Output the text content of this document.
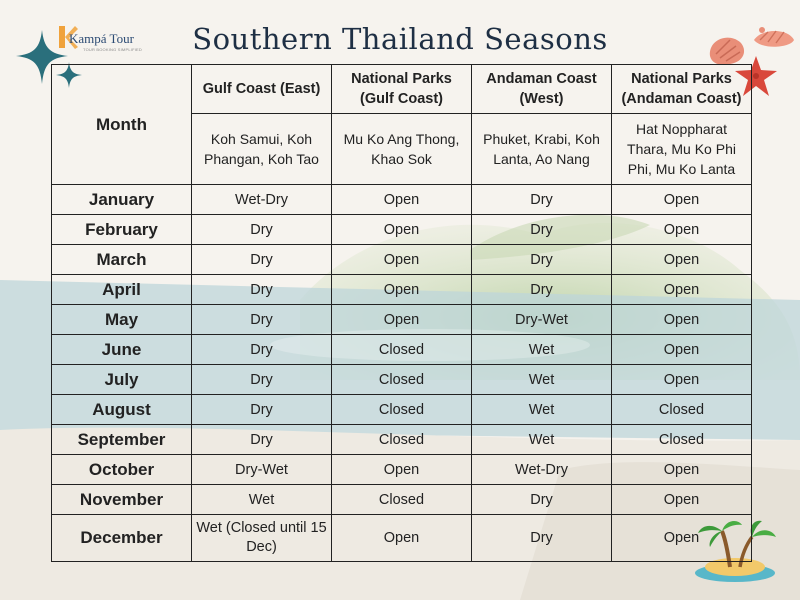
Kampá Tour
TOUR BOOKING SIMPLIFIED	Southern Thailand Seasons
Month	Gulf Coast (East)	National Parks (Gulf Coast)	Andaman Coast (West)	National Parks (Andaman Coast)
	Koh Samui, Koh Phangan, Koh Tao	Mu Ko Ang Thong, Khao Sok	Phuket, Krabi, Koh Lanta, Ao Nang	Hat Noppharat Thara, Mu Ko Phi Phi, Mu Ko Lanta
January	Wet-Dry	Open	Dry	Open
February	Dry	Open	Dry	Open
March	Dry	Open	Dry	Open
April	Dry	Open	Dry	Open
May	Dry	Open	Dry-Wet	Open
June	Dry	Closed	Wet	Open
July	Dry	Closed	Wet	Open
August	Dry	Closed	Wet	Closed
September	Dry	Closed	Wet	Closed
October	Dry-Wet	Open	Wet-Dry	Open
November	Wet	Closed	Dry	Open
December	Wet (Closed until 15 Dec)	Open	Dry	Open
